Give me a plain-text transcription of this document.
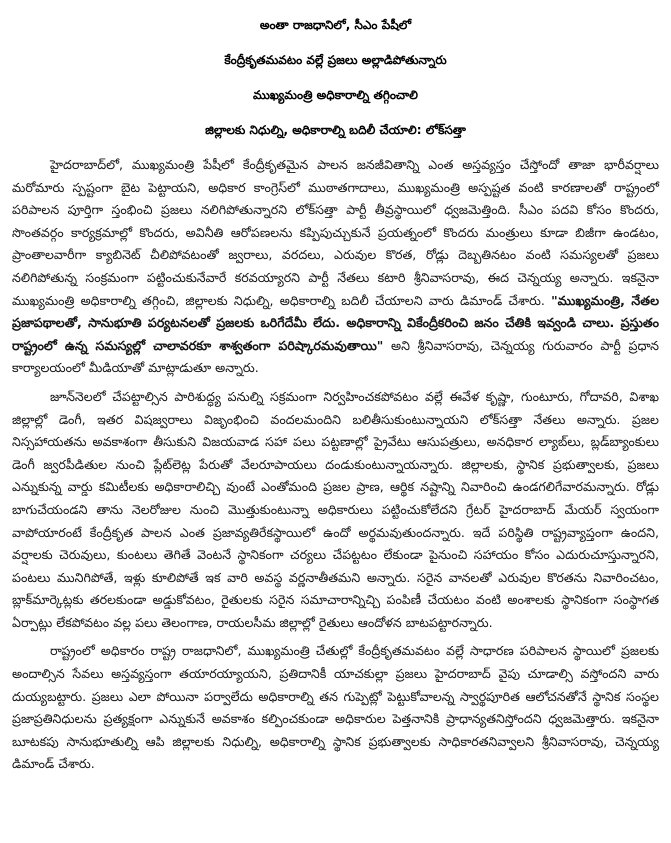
అంతా రాజధానిలో, సీఎం పేషీలో
కేంద్రీకృతమవటం వల్లే ప్రజలు అల్లాడిపోతున్నారు
ముఖ్యమంత్రి అధికారాల్ని తగ్గించాలి
జిల్లాలకు నిధుల్ని, అధికారాల్ని బదిలీ చేయాలి: లోక్‌సత్తా

హైదరాబాద్‌లో, ముఖ్యమంత్రి పేషీలో కేంద్రీకృతమైన పాలన జనజీవితాన్ని ఎంత అస్తవ్యస్తం చేస్తోందో తాజా భారీవర్షాలు మరోమారు స్పష్టంగా బైట పెట్టాయని, అధికార కాంగ్రెస్‌లో ముఠాతగాదాలు, ముఖ్యమంత్రి అస్పష్టత వంటి కారణాలతో రాష్ట్రంలో పరిపాలన పూర్తిగా స్తంభించి ప్రజలు నలిగిపోతున్నారని లోక్‌సత్తా పార్టీ తీవ్రస్థాయిలో ధ్వజమెత్తింది. సీఎం పదవి కోసం కొందరు, సొంతవర్గం కార్యక్రమాల్లో కొందరు, అవినీతి ఆరోపణలను కప్పిపుచ్చుకునే ప్రయత్నంలో కొందరు మంత్రులు కూడా బిజీగా ఉండటం, ప్రాంతాలవారీగా క్యాబినెట్ చీలిపోవటంతో జ్వరాలు, వరదలు, ఎరువుల కొరత, రోడ్లు దెబ్బతినటం వంటి సమస్యలతో ప్రజలు నలిగిపోతున్న సంక్రమంగా పట్టించుకునేవారే కరవయ్యారని పార్టీ నేతలు కటారి శ్రీనివాసరావు, ఈద చెన్నయ్య అన్నారు. ఇకనైనా ముఖ్యమంత్రి అధికారాల్ని తగ్గించి, జిల్లాలకు నిధుల్ని, అధికారాల్ని బదిలీ చేయాలని వారు డిమాండ్ చేశారు. "ముఖ్యమంత్రి, నేతల ప్రజాపథాలతో, సానుభూతి పర్యటనలతో ప్రజలకు ఒరిగేదేమీ లేదు. అధికారాన్ని వికేంద్రీకరించి జనం చేతికి ఇవ్వండి చాలు. ప్రస్తుతం రాష్ట్రంలో ఉన్న సమస్యల్లో చాలావరకూ శాశ్వతంగా పరిష్కారమవుతాయి" అని శ్రీనివాసరావు, చెన్నయ్య గురువారం పార్టీ ప్రధాన కార్యాలయంలో మీడియాతో మాట్లాడుతూ అన్నారు.

జూన్‌నెలలో చేపట్టాల్సిన పారిశుద్ధ్య పనుల్ని సక్రమంగా నిర్వహించకపోవటం వల్లే ఈవేళ కృష్ణా, గుంటూరు, గోదావరి, విశాఖ జిల్లాల్లో డెంగీ, ఇతర విషజ్వరాలు విజృంభించి వందలమందిని బలితీసుకుంటున్నాయని లోక్‌సత్తా నేతలు అన్నారు. ప్రజల నిస్సహాయతను అవకాశంగా తీసుకుని విజయవాడ సహా పలు పట్టణాల్లో ప్రైవేటు ఆసుపత్రులు, అనధికార ల్యాబ్‌లు, బ్లడ్‌బ్యాంకులు డెంగీ జ్వరపీడితుల నుంచి ప్లేట్‌లెట్ల పేరుతో వేలరూపాయలు దండుకుంటున్నాయన్నారు. జిల్లాలకు, స్థానిక ప్రభుత్వాలకు, ప్రజలు ఎన్నుకున్న వార్డు కమిటీలకు అధికారాలిచ్చి వుంటే ఎంతోమంది ప్రజల ప్రాణ, ఆర్థిక నష్టాన్ని నివారించి ఉండగలిగేవారమన్నారు. రోడ్లు బాగుచేయండని తాను నెలరోజుల నుంచి మొత్తుకుంటున్నా అధికారులు పట్టించుకోలేదని గ్రేటర్ హైదరాబాద్ మేయర్ స్వయంగా వాపోయారంటే కేంద్రీకృత పాలన ఎంత ప్రజావ్యతిరేకస్థాయిలో ఉందో అర్థమవుతుందన్నారు. ఇదే పరిస్థితి రాష్ట్రవ్యాప్తంగా ఉందని, వర్షాలకు చెరువులు, కుంటలు తెగితే వెంటనే స్థానికంగా చర్యలు చేపట్టటం లేకుండా పైనుంచి సహాయం కోసం ఎదురుచూస్తున్నారని, పంటలు మునిగిపోతే, ఇళ్లు కూలిపోతే ఇక వారి అవస్థ వర్ణనాతీతమని అన్నారు. సరైన వానలతో ఎరువుల కొరతను నివారించటం, బ్లాక్‌మార్కెట్లకు తరలకుండా అడ్డుకోవటం, రైతులకు సరైన సమాచారాన్నిచ్చి పంపిణీ చేయటం వంటి అంశాలకు స్థానికంగా సంస్థాగత ఏర్పాట్లు లేకపోవటం వల్ల పలు తెలంగాణ, రాయలసీమ జిల్లాల్లో రైతులు ఆందోళన బాటపట్టారన్నారు.

రాష్ట్రంలో అధికారం రాష్ట్ర రాజధానిలో, ముఖ్యమంత్రి చేతుల్లో కేంద్రీకృతమవటం వల్లే సాధారణ పరిపాలన స్థాయిలో ప్రజలకు అందాల్సిన సేవలు అస్తవ్యస్తంగా తయారయ్యాయని, ప్రతిదానికీ యాచకుల్లా ప్రజలు హైదరాబాద్ వైపు చూడాల్సి వస్తోందని వారు దుయ్యబట్టారు. ప్రజలు ఎలా పోయినా పర్వాలేదు అధికారాల్ని తన గుప్పెట్లో పెట్టుకోవాలన్న స్వార్థపూరిత ఆలోచనతోనే స్థానిక సంస్థల ప్రజాప్రతినిధులను ప్రత్యక్షంగా ఎన్నుకునే అవకాశం కల్పించకుండా అధికారుల పెత్తనానికి ప్రాధాన్యతనిస్తోందని ధ్వజమెత్తారు. ఇకనైనా బూటకపు సానుభూతుల్ని ఆపి జిల్లాలకు నిధుల్ని, అధికారాల్ని స్థానిక ప్రభుత్వాలకు సాధికారతనివ్వాలని శ్రీనివాసరావు, చెన్నయ్య డిమాండ్ చేశారు.
